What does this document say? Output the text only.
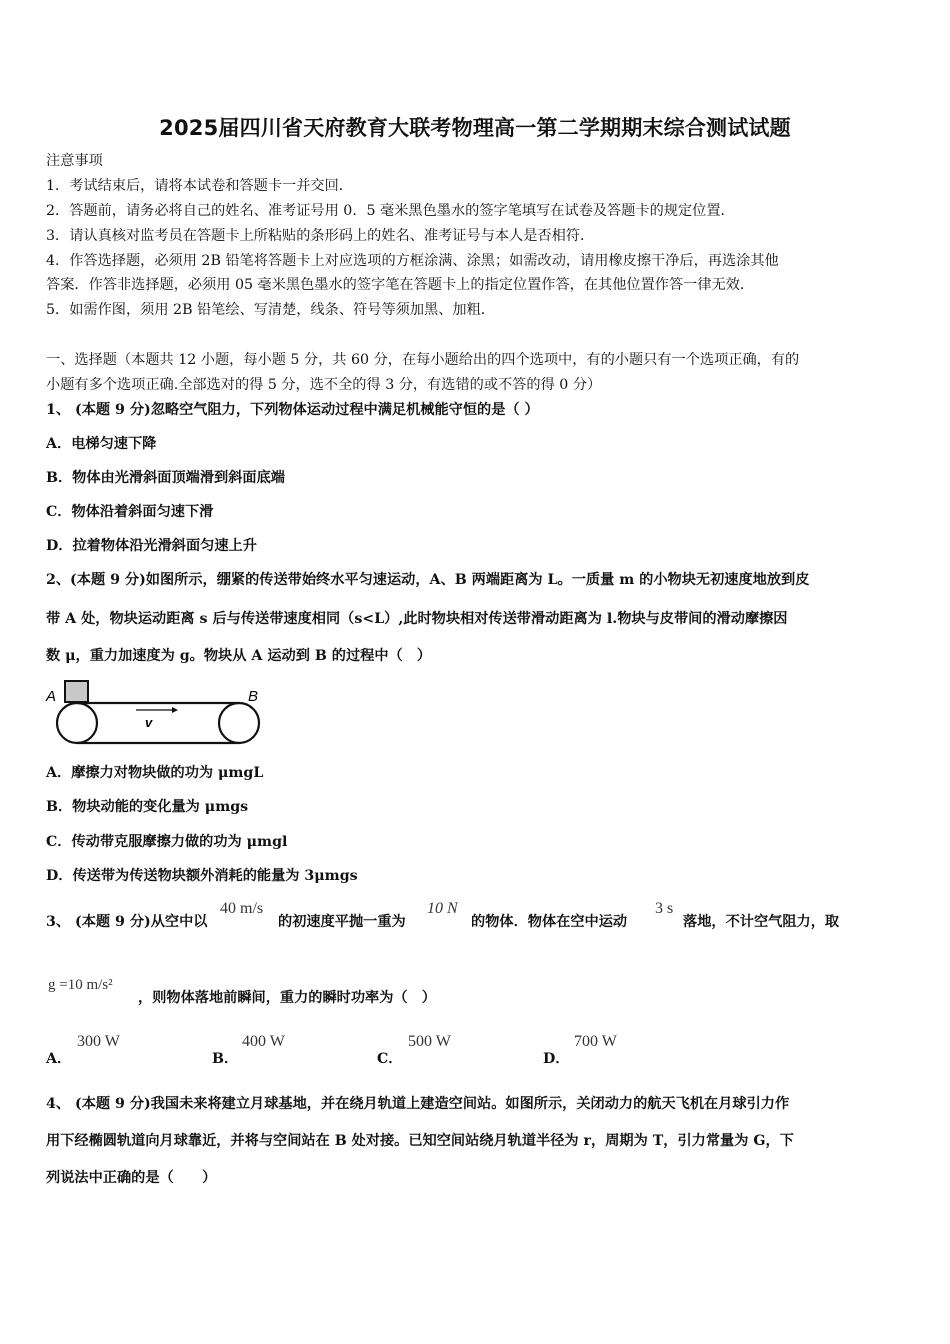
2025届四川省天府教育大联考物理高一第二学期期末综合测试试题
注意事项
1．考试结束后，请将本试卷和答题卡一并交回．
2．答题前，请务必将自己的姓名、准考证号用 0．5 毫米黑色墨水的签字笔填写在试卷及答题卡的规定位置．
3．请认真核对监考员在答题卡上所粘贴的条形码上的姓名、准考证号与本人是否相符．
4．作答选择题，必须用 2B 铅笔将答题卡上对应选项的方框涂满、涂黑；如需改动，请用橡皮擦干净后，再选涂其他
答案．作答非选择题，必须用 05 毫米黑色墨水的签字笔在答题卡上的指定位置作答，在其他位置作答一律无效．
5．如需作图，须用 2B 铅笔绘、写清楚，线条、符号等须加黑、加粗．
一、选择题（本题共 12 小题，每小题 5 分，共 60 分，在每小题给出的四个选项中，有的小题只有一个选项正确，有的
小题有多个选项正确.全部选对的得 5 分，选不全的得 3 分，有选错的或不答的得 0 分）
1、 (本题 9 分)忽略空气阻力，下列物体运动过程中满足机械能守恒的是（ ）
A．电梯匀速下降
B．物体由光滑斜面顶端滑到斜面底端
C．物体沿着斜面匀速下滑
D．拉着物体沿光滑斜面匀速上升
2、(本题 9 分)如图所示，绷紧的传送带始终水平匀速运动，A、B 两端距离为 L。一质量 m 的小物块无初速度地放到皮
带 A 处，物块运动距离 s 后与传送带速度相同（s<L）,此时物块相对传送带滑动距离为 l.物块与皮带间的滑动摩擦因
数 μ，重力加速度为 g。物块从 A 运动到 B 的过程中（　）
A	B
v
A．摩擦力对物块做的功为 μmgL
B．物块动能的变化量为 μmgs
C．传动带克服摩擦力做的功为 μmgl
D．传送带为传送物块额外消耗的能量为 3μmgs
3、 (本题 9 分)从空中以
40 m/s
的初速度平抛一重为
10 N
的物体．物体在空中运动
3 s
落地，不计空气阻力，取
g =10 m/s²
，则物体落地前瞬间，重力的瞬时功率为（　）
A．
300 W
B．
400 W
C．
500 W
D．
700 W
4、 (本题 9 分)我国未来将建立月球基地，并在绕月轨道上建造空间站。如图所示，关闭动力的航天飞机在月球引力作
用下经椭圆轨道向月球靠近，并将与空间站在 B 处对接。已知空间站绕月轨道半径为 r，周期为 T，引力常量为 G，下
列说法中正确的是（　　）
